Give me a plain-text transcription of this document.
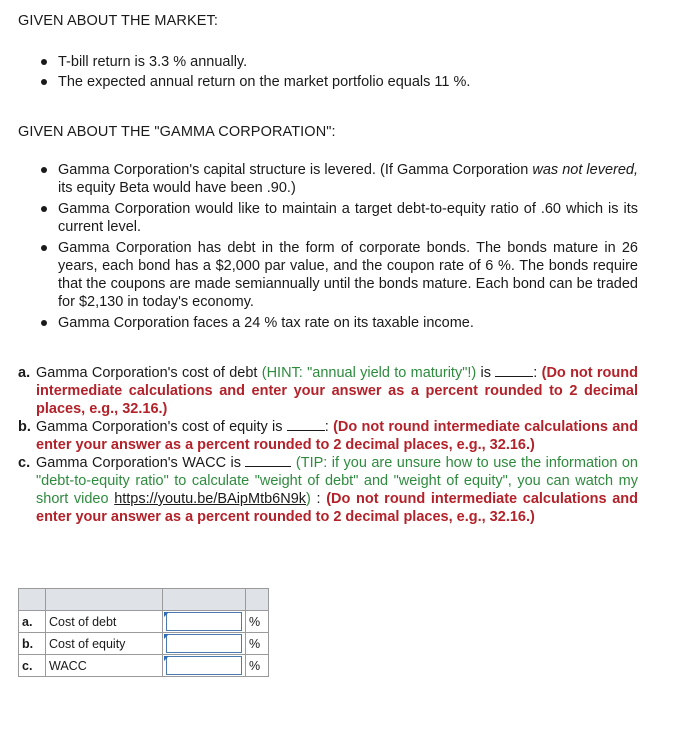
GIVEN ABOUT THE MARKET:
T-bill return is 3.3 % annually.
The expected annual return on the market portfolio equals 11 %.
GIVEN ABOUT THE "GAMMA CORPORATION":
Gamma Corporation's capital structure is levered. (If Gamma Corporation was not levered, its equity Beta would have been .90.)
Gamma Corporation would like to maintain a target debt-to-equity ratio of .60 which is its current level.
Gamma Corporation has debt in the form of corporate bonds. The bonds mature in 26 years, each bond has a $2,000 par value, and the coupon rate of 6 %. The bonds require that the coupons are made semiannually until the bonds mature. Each bond can be traded for $2,130 in today's economy.
Gamma Corporation faces a 24 % tax rate on its taxable income.
a. Gamma Corporation's cost of debt (HINT: "annual yield to maturity"!) is	: (Do not round intermediate calculations and enter your answer as a percent rounded to 2 decimal places, e.g., 32.16.)
b. Gamma Corporation's cost of equity is	: (Do not round intermediate calculations and enter your answer as a percent rounded to 2 decimal places, e.g., 32.16.)
c. Gamma Corporation's WACC is	(TIP: if you are unsure how to use the information on "debt-to-equity ratio" to calculate "weight of debt" and "weight of equity", you can watch my short video https://youtu.be/BAipMtb6N9k) : (Do not round intermediate calculations and enter your answer as a percent rounded to 2 decimal places, e.g., 32.16.)

a.	Cost of debt		%
b.	Cost of equity		%
c.	WACC		%
